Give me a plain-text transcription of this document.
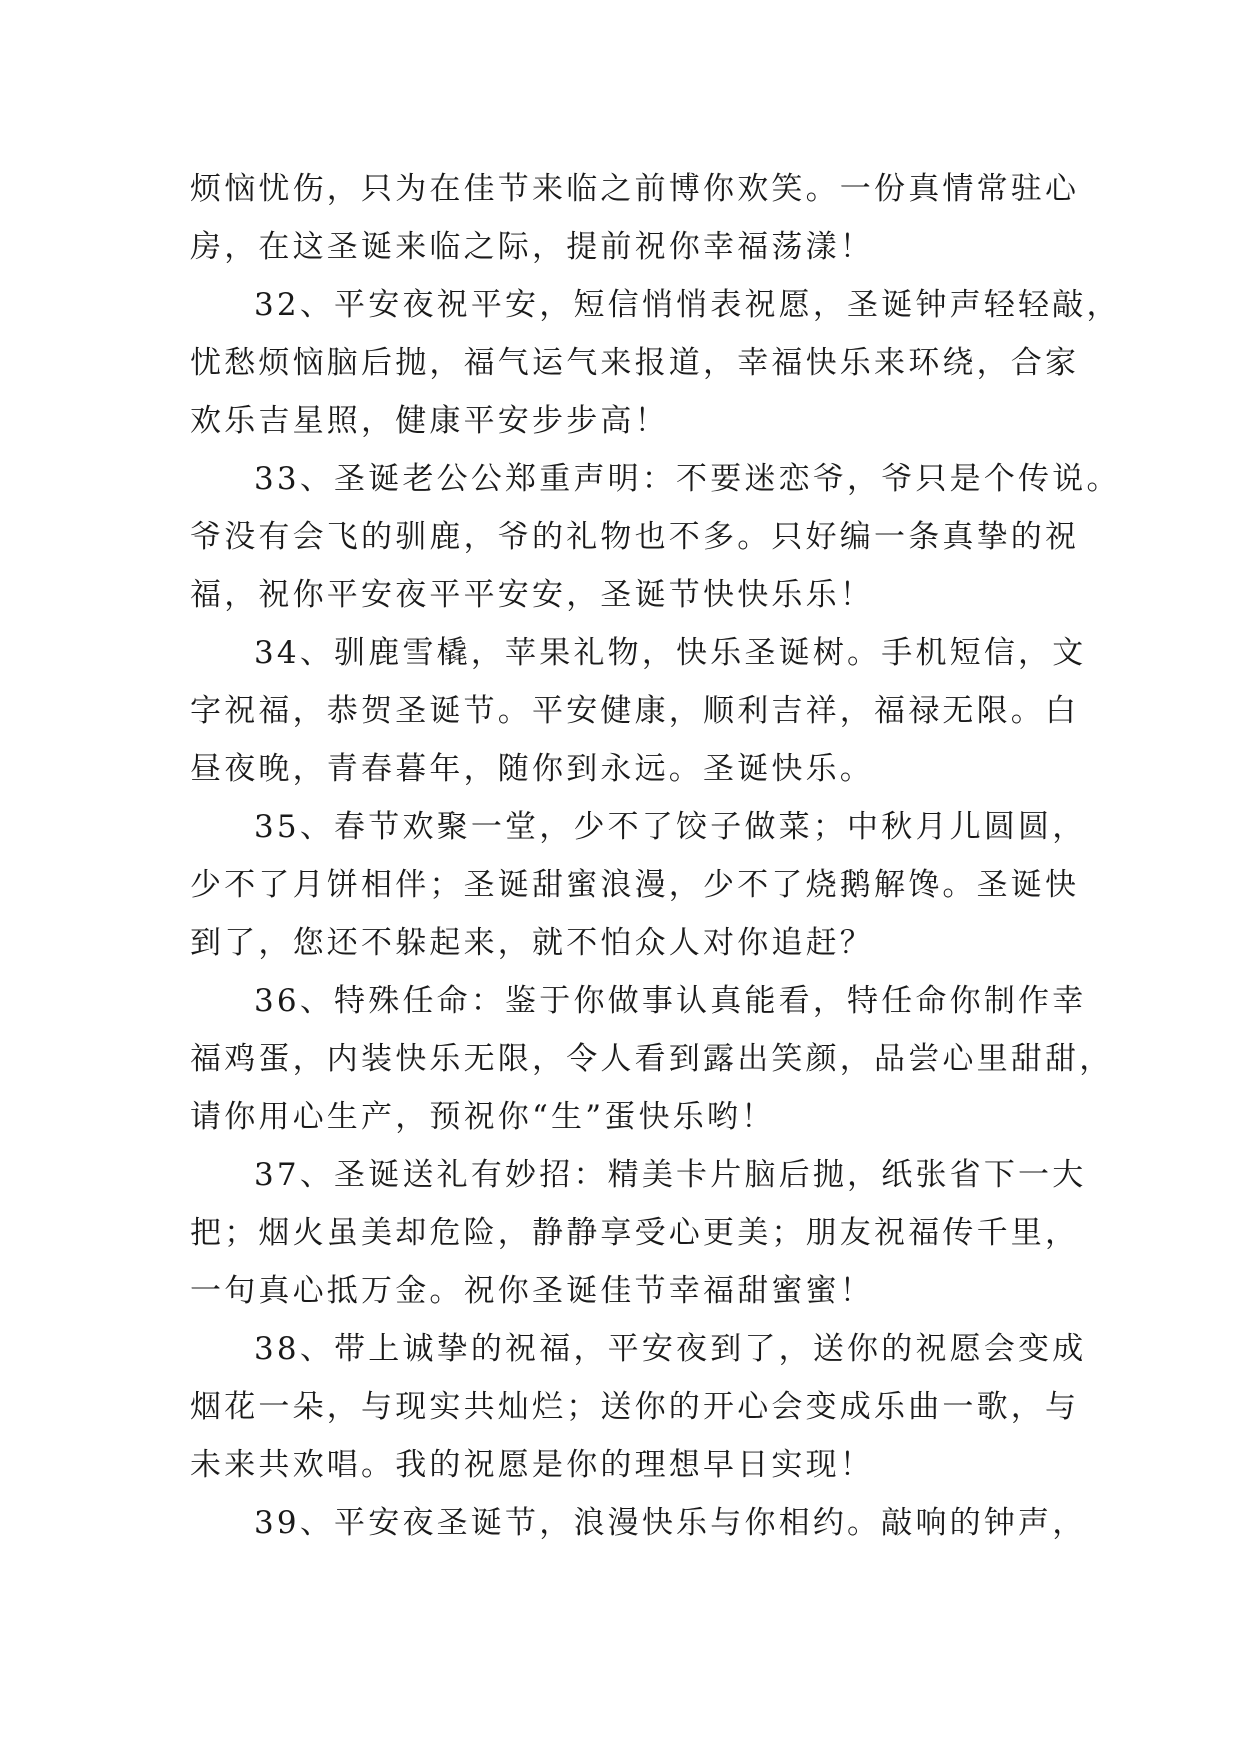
烦恼忧伤，只为在佳节来临之前博你欢笑。一份真情常驻心
房，在这圣诞来临之际，提前祝你幸福荡漾！
32、平安夜祝平安，短信悄悄表祝愿，圣诞钟声轻轻敲，
忧愁烦恼脑后抛，福气运气来报道，幸福快乐来环绕，合家
欢乐吉星照，健康平安步步高！
33、圣诞老公公郑重声明：不要迷恋爷，爷只是个传说。
爷没有会飞的驯鹿，爷的礼物也不多。只好编一条真挚的祝
福，祝你平安夜平平安安，圣诞节快快乐乐！
34、驯鹿雪橇，苹果礼物，快乐圣诞树。手机短信，文
字祝福，恭贺圣诞节。平安健康，顺利吉祥，福禄无限。白
昼夜晚，青春暮年，随你到永远。圣诞快乐。
35、春节欢聚一堂，少不了饺子做菜；中秋月儿圆圆，
少不了月饼相伴；圣诞甜蜜浪漫，少不了烧鹅解馋。圣诞快
到了，您还不躲起来，就不怕众人对你追赶？
36、特殊任命：鉴于你做事认真能看，特任命你制作幸
福鸡蛋，内装快乐无限，令人看到露出笑颜，品尝心里甜甜，
请你用心生产，预祝你“生”蛋快乐哟！
37、圣诞送礼有妙招：精美卡片脑后抛，纸张省下一大
把；烟火虽美却危险，静静享受心更美；朋友祝福传千里，
一句真心抵万金。祝你圣诞佳节幸福甜蜜蜜！
38、带上诚挚的祝福，平安夜到了，送你的祝愿会变成
烟花一朵，与现实共灿烂；送你的开心会变成乐曲一歌，与
未来共欢唱。我的祝愿是你的理想早日实现！
39、平安夜圣诞节，浪漫快乐与你相约。敲响的钟声，
